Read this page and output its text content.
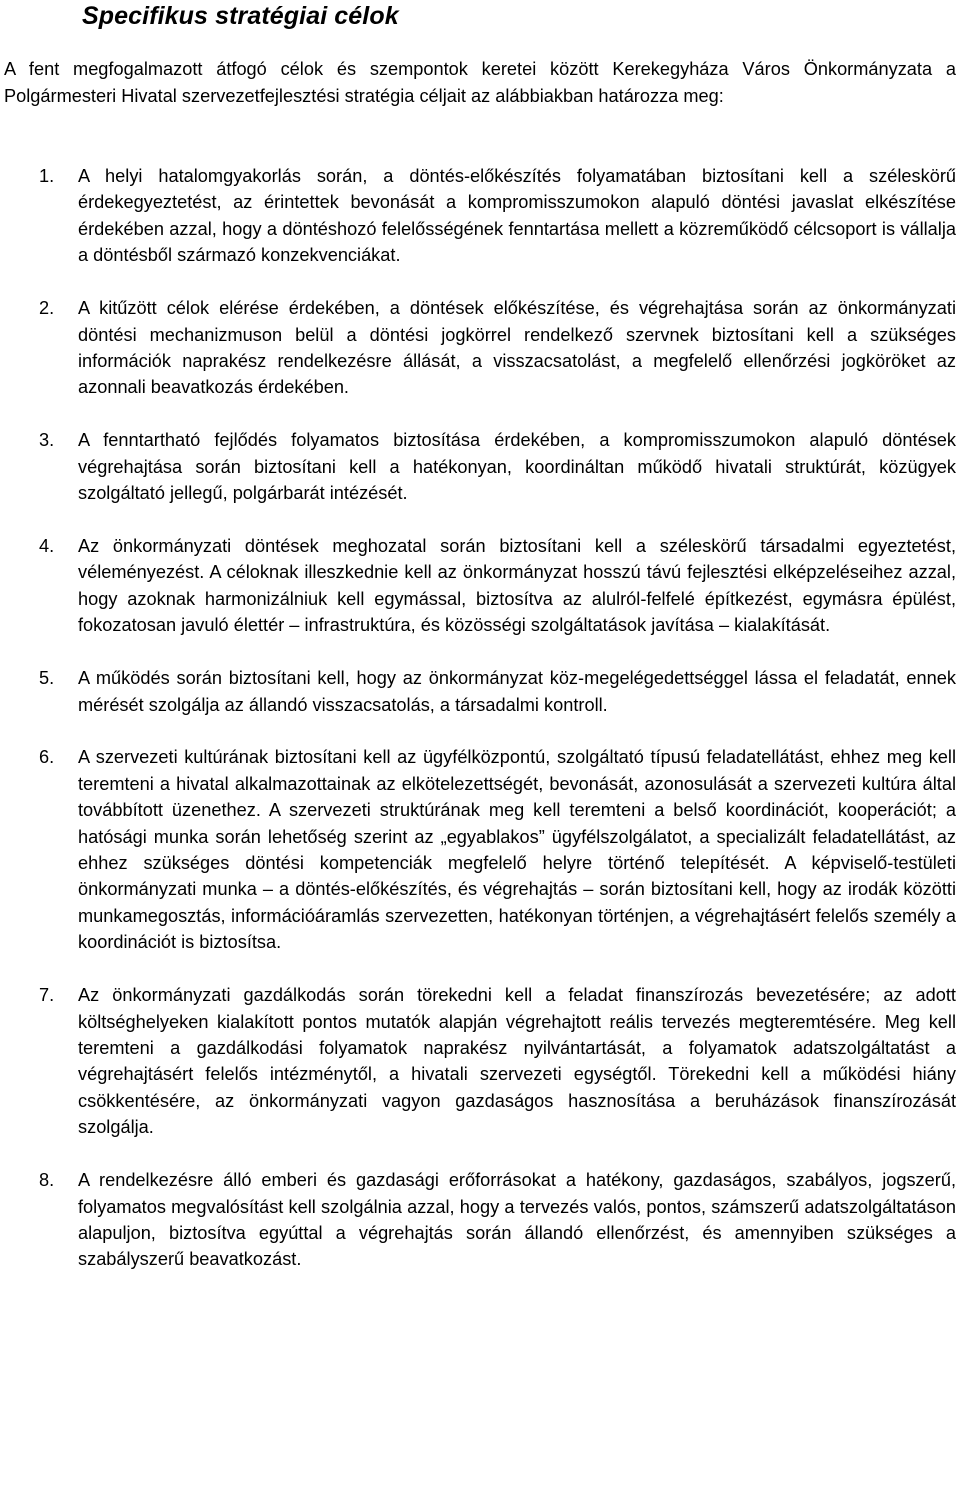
Specifikus stratégiai célok

A fent megfogalmazott átfogó célok és szempontok keretei között Kerekegyháza Város Önkormányzata a Polgármesteri Hivatal szervezetfejlesztési stratégia céljait az alábbiakban határozza meg:

1.	A helyi hatalomgyakorlás során, a döntés-előkészítés folyamatában biztosítani kell a széleskörű érdekegyeztetést, az érintettek bevonását a kompromisszumokon alapuló döntési javaslat elkészítése érdekében azzal, hogy a döntéshozó felelősségének fenntartása mellett a közreműködő célcsoport is vállalja a döntésből származó konzekvenciákat.
2.	A kitűzött célok elérése érdekében, a döntések előkészítése, és végrehajtása során az önkormányzati döntési mechanizmuson belül a döntési jogkörrel rendelkező szervnek biztosítani kell a szükséges információk naprakész rendelkezésre állását, a visszacsatolást, a megfelelő ellenőrzési jogköröket az azonnali beavatkozás érdekében.
3.	A fenntartható fejlődés folyamatos biztosítása érdekében, a kompromisszumokon alapuló döntések végrehajtása során biztosítani kell a hatékonyan, koordináltan működő hivatali struktúrát, közügyek szolgáltató jellegű, polgárbarát intézését.
4.	Az önkormányzati döntések meghozatal során biztosítani kell a széleskörű társadalmi egyeztetést, véleményezést. A céloknak illeszkednie kell az önkormányzat hosszú távú fejlesztési elképzeléseihez azzal, hogy azoknak harmonizálniuk kell egymással, biztosítva az alulról-felfelé építkezést, egymásra épülést, fokozatosan javuló élettér – infrastruktúra, és közösségi szolgáltatások javítása – kialakítását.
5.	A működés során biztosítani kell, hogy az önkormányzat köz-megelégedettséggel lássa el feladatát, ennek mérését szolgálja az állandó visszacsatolás, a társadalmi kontroll.
6.	A szervezeti kultúrának biztosítani kell az ügyfélközpontú, szolgáltató típusú feladatellátást, ehhez meg kell teremteni a hivatal alkalmazottainak az elkötelezettségét, bevonását, azonosulását a szervezeti kultúra által továbbított üzenethez. A szervezeti struktúrának meg kell teremteni a belső koordinációt, kooperációt; a hatósági munka során lehetőség szerint az „egyablakos” ügyfélszolgálatot, a specializált feladatellátást, az ehhez szükséges döntési kompetenciák megfelelő helyre történő telepítését. A képviselő-testületi önkormányzati munka – a döntés-előkészítés, és végrehajtás – során biztosítani kell, hogy az irodák közötti munkamegosztás, információáramlás szervezetten, hatékonyan történjen, a végrehajtásért felelős személy a koordinációt is biztosítsa.
7.	Az önkormányzati gazdálkodás során törekedni kell a feladat finanszírozás bevezetésére; az adott költséghelyeken kialakított pontos mutatók alapján végrehajtott reális tervezés megteremtésére. Meg kell teremteni a gazdálkodási folyamatok naprakész nyilvántartását, a folyamatok adatszolgáltatást a végrehajtásért felelős intézménytől, a hivatali szervezeti egységtől. Törekedni kell a működési hiány csökkentésére, az önkormányzati vagyon gazdaságos hasznosítása a beruházások finanszírozását szolgálja.
8.	A rendelkezésre álló emberi és gazdasági erőforrásokat a hatékony, gazdaságos, szabályos, jogszerű, folyamatos megvalósítást kell szolgálnia azzal, hogy a tervezés valós, pontos, számszerű adatszolgáltatáson alapuljon, biztosítva egyúttal a végrehajtás során állandó ellenőrzést, és amennyiben szükséges a szabályszerű beavatkozást.
